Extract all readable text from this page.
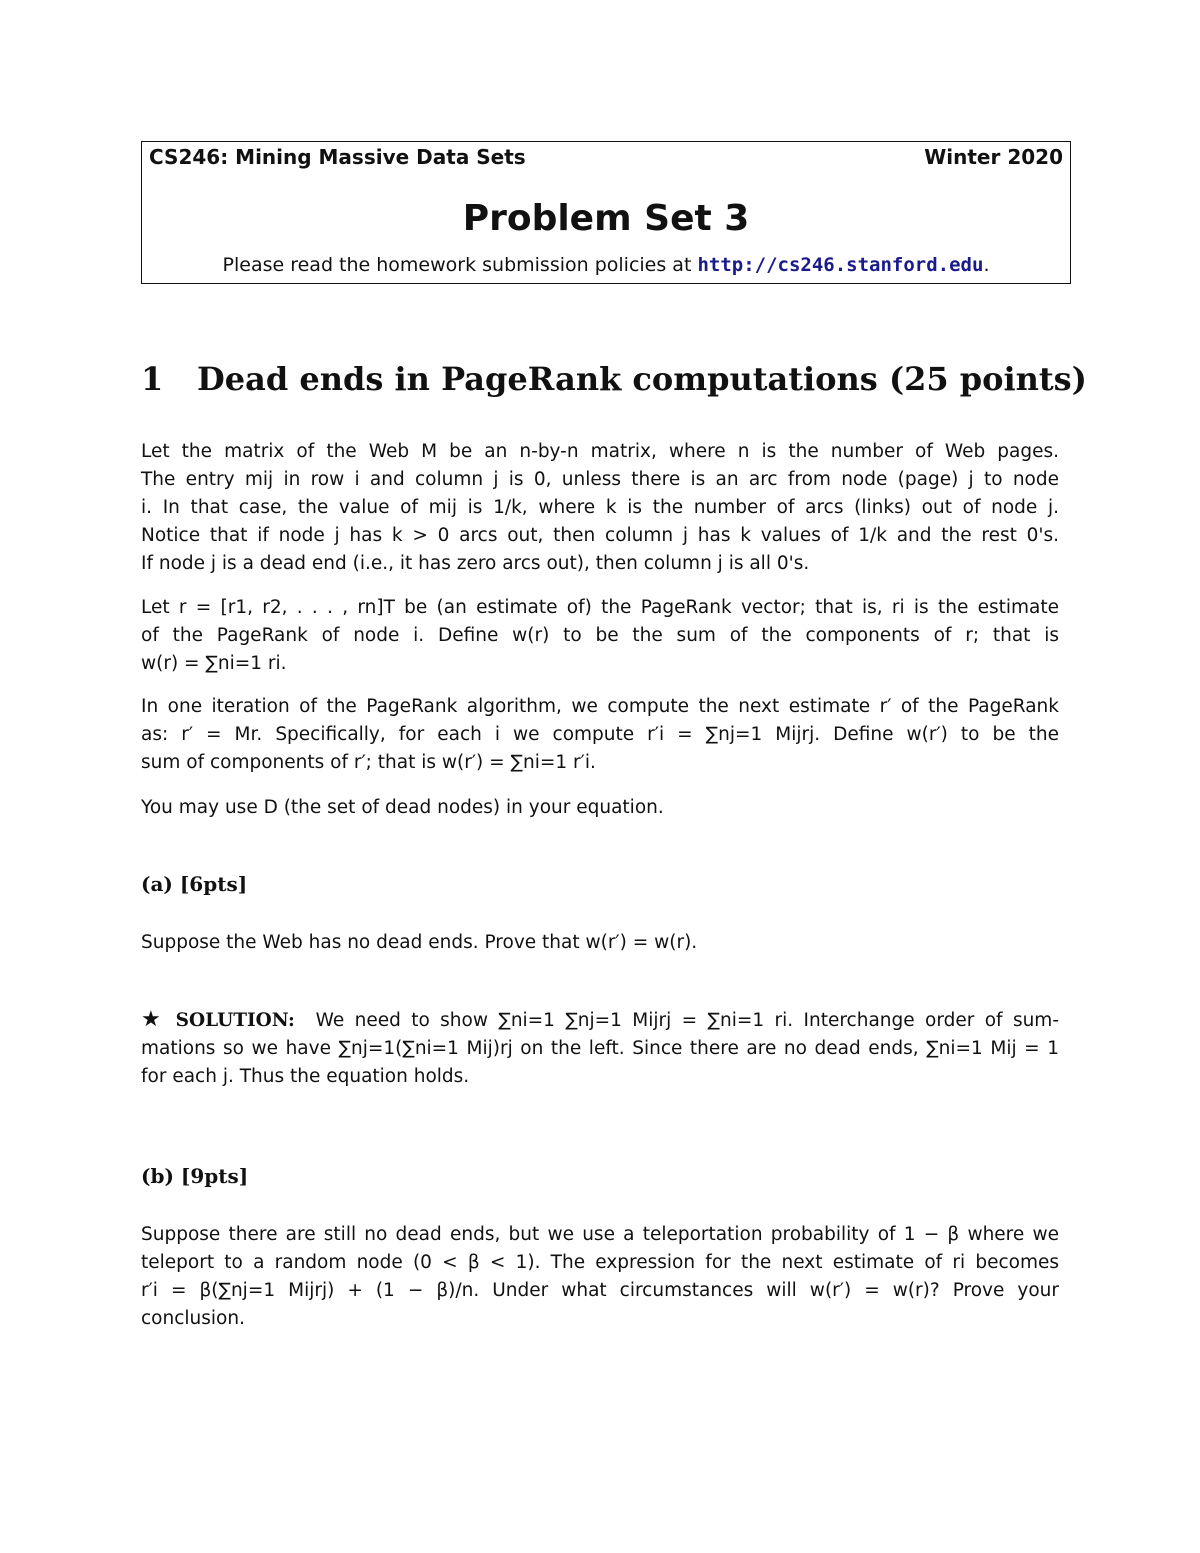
CS246: Mining Massive Data Sets	Winter 2020
Problem Set 3
Please read the homework submission policies at http://cs246.stanford.edu.
1 Dead ends in PageRank computations (25 points)
Let the matrix of the Web M be an n-by-n matrix, where n is the number of Web pages.
The entry mij in row i and column j is 0, unless there is an arc from node (page) j to node
i. In that case, the value of mij is 1/k, where k is the number of arcs (links) out of node j.
Notice that if node j has k > 0 arcs out, then column j has k values of 1/k and the rest 0's.
If node j is a dead end (i.e., it has zero arcs out), then column j is all 0's.
Let r = [r1, r2, . . . , rn]T be (an estimate of) the PageRank vector; that is, ri is the estimate
of the PageRank of node i. Define w(r) to be the sum of the components of r; that is
w(r) = ∑ni=1 ri.
In one iteration of the PageRank algorithm, we compute the next estimate r′ of the PageRank
as: r′ = Mr. Specifically, for each i we compute r′i = ∑nj=1 Mijrj. Define w(r′) to be the
sum of components of r′; that is w(r′) = ∑ni=1 r′i.
You may use D (the set of dead nodes) in your equation.
(a) [6pts]
Suppose the Web has no dead ends. Prove that w(r′) = w(r).
★ SOLUTION: We need to show ∑ni=1 ∑nj=1 Mijrj = ∑ni=1 ri. Interchange order of sum-
mations so we have ∑nj=1(∑ni=1 Mij)rj on the left. Since there are no dead ends, ∑ni=1 Mij = 1
for each j. Thus the equation holds.
(b) [9pts]
Suppose there are still no dead ends, but we use a teleportation probability of 1 − β where we
teleport to a random node (0 < β < 1). The expression for the next estimate of ri becomes
r′i = β(∑nj=1 Mijrj) + (1 − β)/n. Under what circumstances will w(r′) = w(r)? Prove your
conclusion.
